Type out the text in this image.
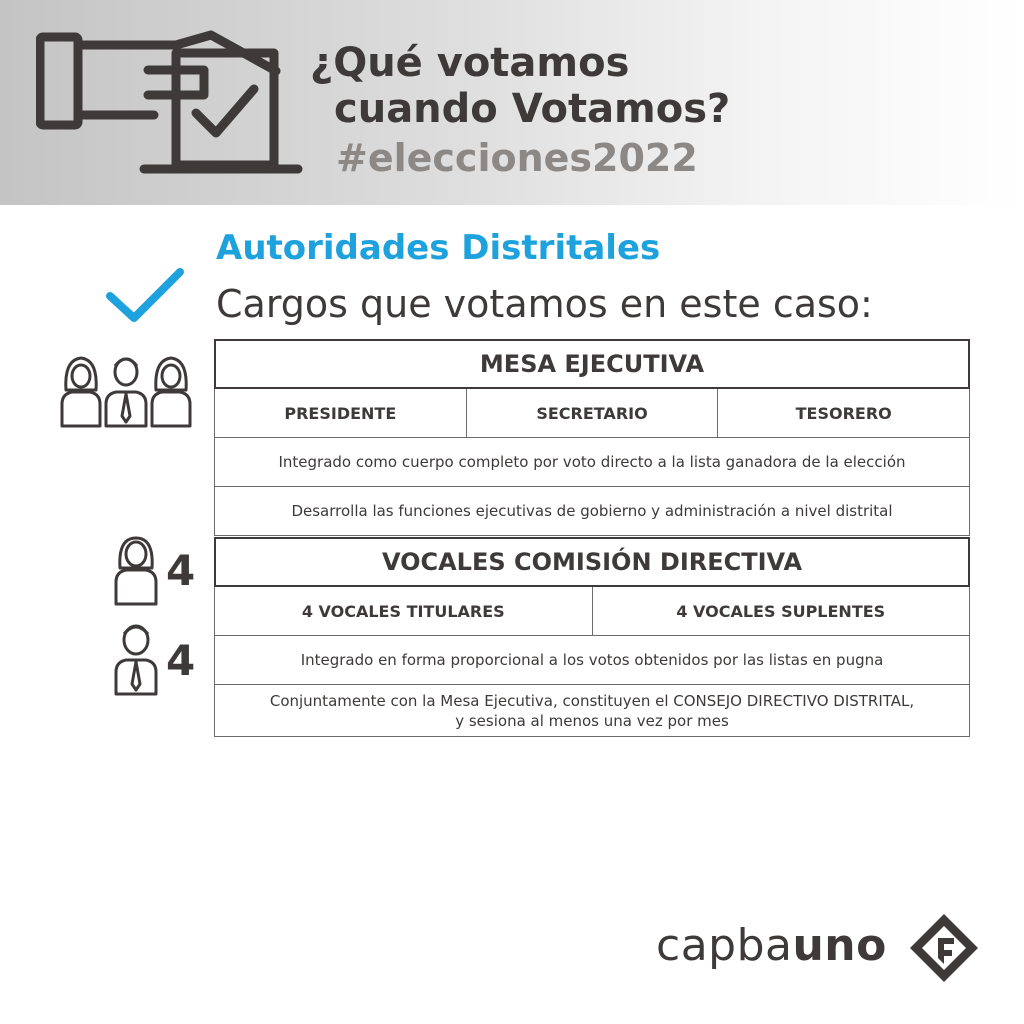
¿Qué votamos
cuando Votamos?
#elecciones2022
Autoridades Distritales
Cargos que votamos en este caso:
MESA EJECUTIVA
PRESIDENTE	SECRETARIO	TESORERO
Integrado como cuerpo completo por voto directo a la lista ganadora de la elección
Desarrolla las funciones ejecutivas de gobierno y administración a nivel distrital
4
4
VOCALES COMISIÓN DIRECTIVA
4 VOCALES TITULARES	4 VOCALES SUPLENTES
Integrado en forma proporcional a los votos obtenidos por las listas en pugna
Conjuntamente con la Mesa Ejecutiva, constituyen el CONSEJO DIRECTIVO DISTRITAL,
y sesiona al menos una vez por mes
capbauno
